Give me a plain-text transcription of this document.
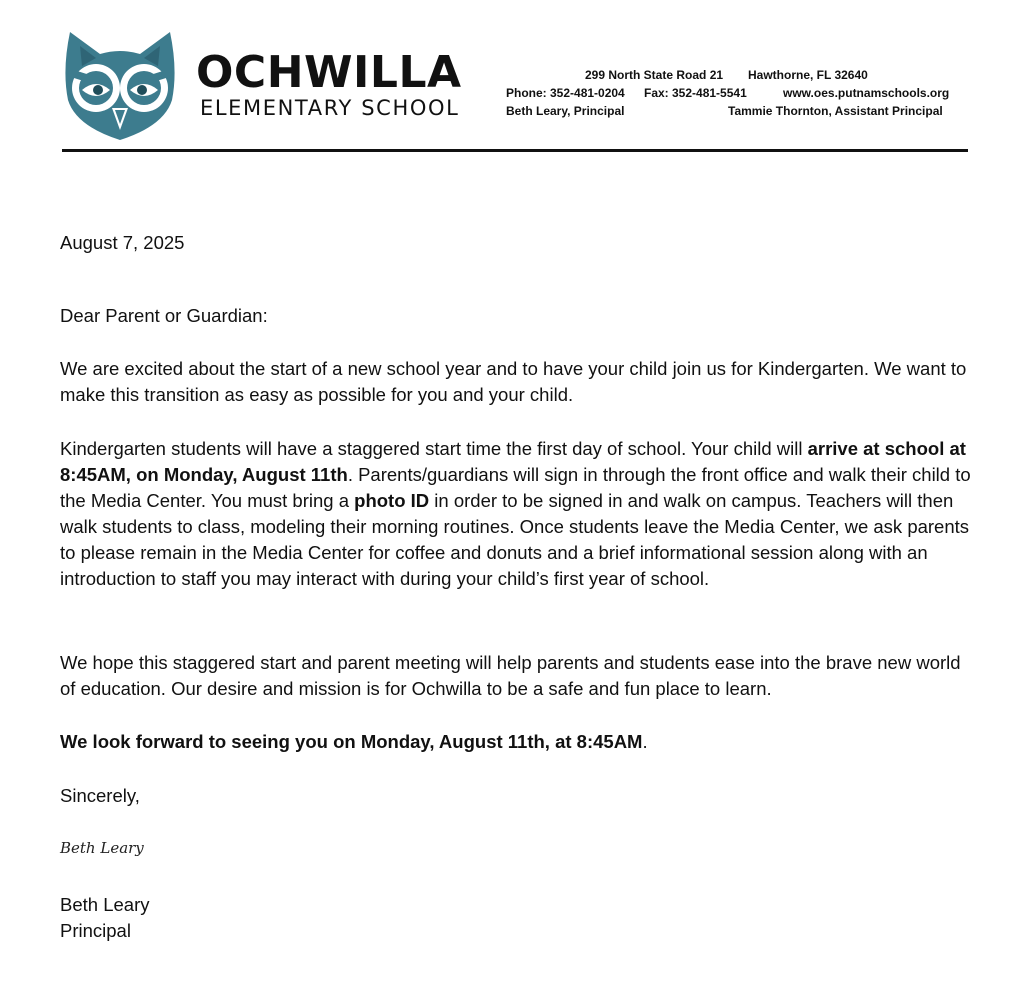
OCHWILLA
ELEMENTARY SCHOOL
299 North State Road 21 Hawthorne, FL 32640
Phone: 352-481-0204 Fax: 352-481-5541	www.oes.putnamschools.org
Beth Leary, Principal	Tammie Thornton, Assistant Principal
August 7, 2025
Dear Parent or Guardian:
We are excited about the start of a new school year and to have your child join us for Kindergarten. We want to make this transition as easy as possible for you and your child.
Kindergarten students will have a staggered start time the first day of school. Your child will arrive at school at 8:45AM, on Monday, August 11th. Parents/guardians will sign in through the front office and walk their child to the Media Center. You must bring a photo ID in order to be signed in and walk on campus. Teachers will then walk students to class, modeling their morning routines. Once students leave the Media Center, we ask parents to please remain in the Media Center for coffee and donuts and a brief informational session along with an introduction to staff you may interact with during your child’s first year of school.
We hope this staggered start and parent meeting will help parents and students ease into the brave new world of education. Our desire and mission is for Ochwilla to be a safe and fun place to learn.
We look forward to seeing you on Monday, August 11th, at 8:45AM.
Sincerely,
Beth Leary
Beth Leary
Principal
